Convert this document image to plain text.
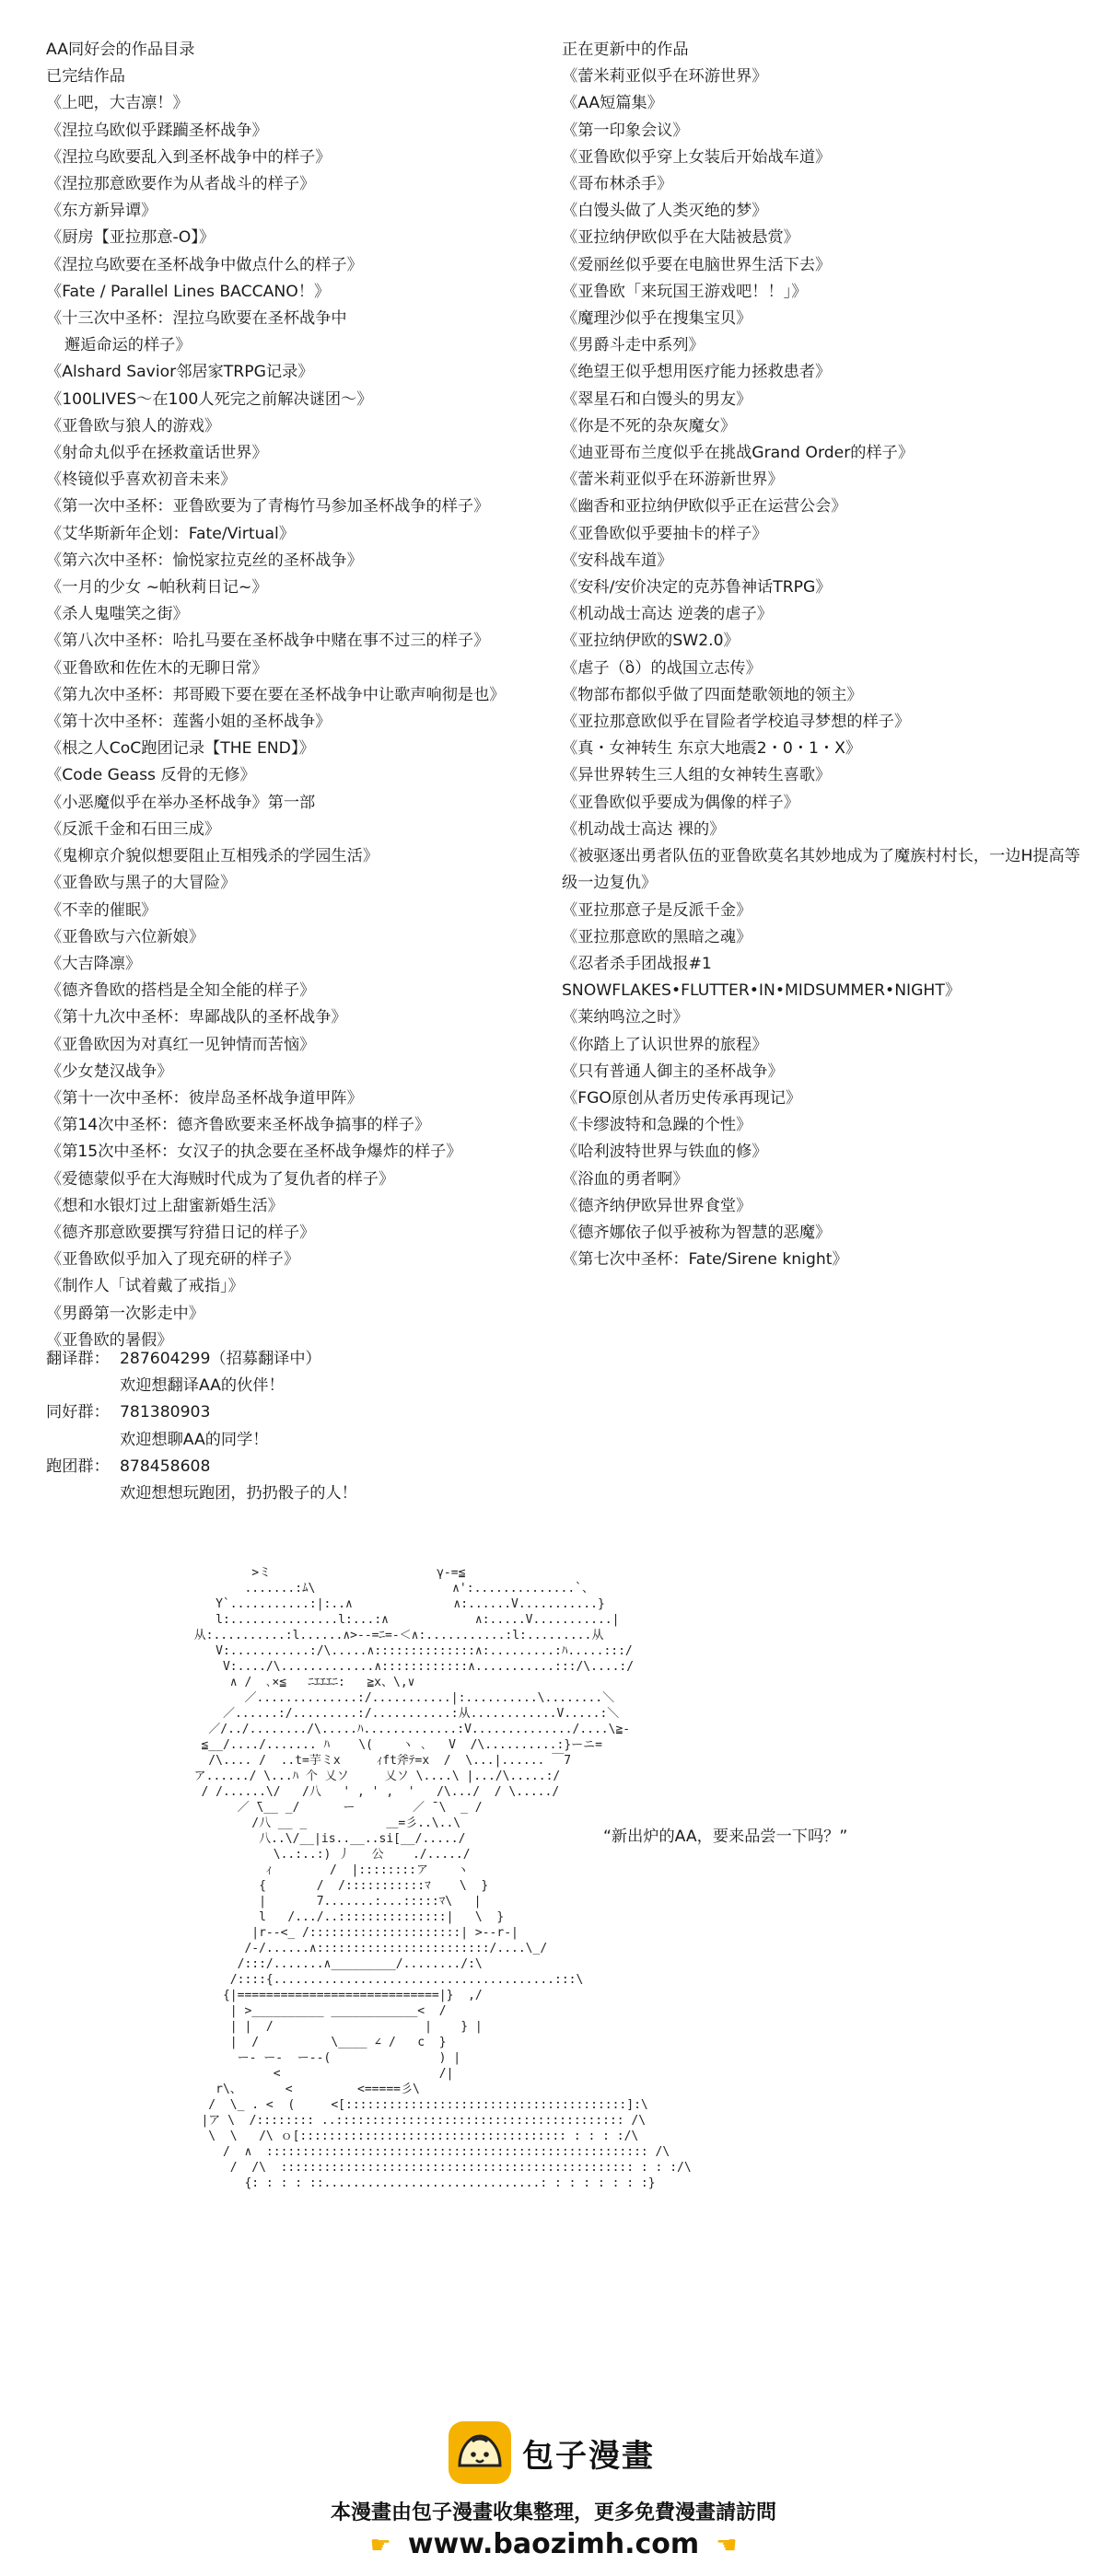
AA同好会的作品目录
已完结作品
《上吧，大吉凛！》
《涅拉乌欧似乎蹂躏圣杯战争》
《涅拉乌欧要乱入到圣杯战争中的样子》
《涅拉那意欧要作为从者战斗的样子》
《东方新异谭》
《厨房【亚拉那意-O】》
《涅拉乌欧要在圣杯战争中做点什么的样子》
《Fate / Parallel Lines BACCANO！》
《十三次中圣杯：涅拉乌欧要在圣杯战争中
邂逅命运的样子》
《Alshard Savior邻居家TRPG记录》
《100LIVES～在100人死完之前解决谜团～》
《亚鲁欧与狼人的游戏》
《射命丸似乎在拯救童话世界》
《柊镜似乎喜欢初音未来》
《第一次中圣杯：亚鲁欧要为了青梅竹马参加圣杯战争的样子》
《艾华斯新年企划：Fate/Virtual》
《第六次中圣杯：愉悦家拉克丝的圣杯战争》
《一月的少女 ~帕秋莉日记~》
《杀人鬼嗤笑之街》
《第八次中圣杯：哈扎马要在圣杯战争中赌在事不过三的样子》
《亚鲁欧和佐佐木的无聊日常》
《第九次中圣杯：邦哥殿下要在要在圣杯战争中让歌声响彻是也》
《第十次中圣杯：莲酱小姐的圣杯战争》
《根之人CoC跑团记录【THE END】》
《Code Geass 反骨的无修》
《小恶魔似乎在举办圣杯战争》第一部
《反派千金和石田三成》
《鬼柳京介貌似想要阻止互相残杀的学园生活》
《亚鲁欧与黑子的大冒险》
《不幸的催眠》
《亚鲁欧与六位新娘》
《大吉降凛》
《德齐鲁欧的搭档是全知全能的样子》
《第十九次中圣杯：卑鄙战队的圣杯战争》
《亚鲁欧因为对真红一见钟情而苦恼》
《少女楚汉战争》
《第十一次中圣杯：彼岸岛圣杯战争道甲阵》
《第14次中圣杯：德齐鲁欧要来圣杯战争搞事的样子》
《第15次中圣杯：女汉子的执念要在圣杯战争爆炸的样子》
《爱德蒙似乎在大海贼时代成为了复仇者的样子》
《想和水银灯过上甜蜜新婚生活》
《德齐那意欧要撰写狩猎日记的样子》
《亚鲁欧似乎加入了现充研的样子》
《制作人「试着戴了戒指」》
《男爵第一次影走中》
《亚鲁欧的暑假》
正在更新中的作品
《蕾米莉亚似乎在环游世界》
《AA短篇集》
《第一印象会议》
《亚鲁欧似乎穿上女装后开始战车道》
《哥布林杀手》
《白馒头做了人类灭绝的梦》
《亚拉纳伊欧似乎在大陆被悬赏》
《爱丽丝似乎要在电脑世界生活下去》
《亚鲁欧「来玩国王游戏吧！！」》
《魔理沙似乎在搜集宝贝》
《男爵斗走中系列》
《绝望王似乎想用医疗能力拯救患者》
《翠星石和白馒头的男友》
《你是不死的杂灰魔女》
《迪亚哥布兰度似乎在挑战Grand Order的样子》
《蕾米莉亚似乎在环游新世界》
《幽香和亚拉纳伊欧似乎正在运营公会》
《亚鲁欧似乎要抽卡的样子》
《安科战车道》
《安科/安价决定的克苏鲁神话TRPG》
《机动战士高达 逆袭的虐子》
《亚拉纳伊欧的SW2.0》
《虐子（ὃ）的战国立志传》
《物部布都似乎做了四面楚歌领地的领主》
《亚拉那意欧似乎在冒险者学校追寻梦想的样子》
《真・女神转生 东京大地震2・0・1・X》
《异世界转生三人组的女神转生喜歌》
《亚鲁欧似乎要成为偶像的样子》
《机动战士高达 裸的》
《被驱逐出勇者队伍的亚鲁欧莫名其妙地成为了魔族村村长，一边H提高等级一边复仇》
《亚拉那意子是反派千金》
《亚拉那意欧的黑暗之魂》
《忍者杀手团战报#1 SNOWFLAKES•FLUTTER•IN•MIDSUMMER•NIGHT》
《莱纳鸣泣之时》
《你踏上了认识世界的旅程》
《只有普通人御主的圣杯战争》
《FGO原创从者历史传承再现记》
《卡缪波特和急躁的个性》
《哈利波特世界与铁血的修》
《浴血的勇者啊》
《德齐纳伊欧异世界食堂》
《德齐娜依子似乎被称为智慧的恶魔》
《第七次中圣杯：Fate/Sirene knight》
翻译群： 287604299（招募翻译中）
欢迎想翻译AA的伙伴！
同好群： 781380903
欢迎想聊AA的同学！
跑团群： 878458608
欢迎想想玩跑团，扔扔骰子的人！
>ミ                       γ-=≦
.......:ﾑ\                   ∧':..............`、
Y`...........:|:..∧              ∧:......V...........}
l:...............l:...:∧            ∧:.....V...........|
从:..........:l......∧>--=ﾆ=-＜∧:...........:l:.........从
V:...........:/\.....∧::::::::::::::∧:.........:ﾊ.....:::/
V:..../\.............∧::::::::::::∧...........:::/\....:/
∧ /  ､×≦   ﾆｴｴｴﾆ:   ≧x、\,∨
／..............:/...........|:..........\........＼
／......:/.........:/...........:从............V.....:＼
／/../......../\.....ﾊ.............:V............../....\≧-
≦__/..../....... ﾊ    \(    ヽ ､   V  /\..........:}ーニ=
/\.... /  ..t=芋ミx     ｨft斧ﾃ=x  /  \...|...... ￣7
ア....../ \...ﾊ 个 乂ソ     乂ソ \....\ |.../\.....:/
/ /......\/   /八   ' , ' ,  '   /\.../  / \...../
／ ̄\__ _/      ー        ／ ̄ \  _ /
/八 __ _           ＿=彡..\..\
八..\/__|is..__..si[__/...../
\..:..:) 丿   公    ./...../
ｨ        /  |::::::::ア    ヽ
{       /  /:::::::::::ﾏ    \  }
|       7.......:...:::::ﾏ\   |
l   /.../..:::::::::::::::|   \  }
|r--<_ /:::::::::::::::::::::| >--r-|
/-/......∧::::::::::::::::::::::::/....\_/
/:::/.......∧_________/......../:\
/::::{.......................................:::\
{|============================|}  ,/
| >__________ ____________<  /
| |  /                     |    } |
|  /          \____ ∠ /   c  }
ー- ー-  ー--(               ) |
<                      /|
r\、      <         <=====彡\
/  \_ . <  (     <[:::::::::::::::::::::::::::::::::::::::]:\
|ア \  /:::::::: ..:::::::::::::::::::::::::::::::::::::::: /\
\  \   /\ ｏ[::::::::::::::::::::::::::::::::::::: : : : :/\
/  ∧  ::::::::::::::::::::::::::::::::::::::::::::::::::::: /\
/  /\  ::::::::::::::::::::::::::::::::::::::::::::::::: : : :/\
{: : : : ::..............................: : : : : : : :}
“新出炉的AA，要来品尝一下吗？”
包子漫畫
本漫畫由包子漫畫收集整理，更多免費漫畫請訪問
☛ www.baozimh.com ☚
